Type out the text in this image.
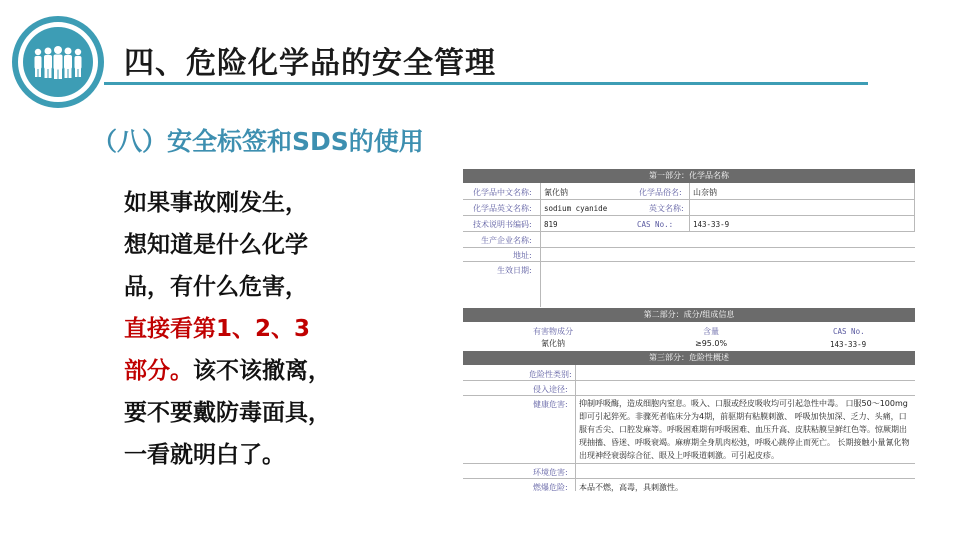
四、危险化学品的安全管理
（八）安全标签和SDS的使用
如果事故刚发生，
想知道是什么化学
品，有什么危害，
直接看第1、2、3
部分。该不该撤离，
要不要戴防毒面具，
一看就明白了。
第一部分：化学品名称
化学品中文名称: 氰化钠	化学品俗名: 山奈钠
化学品英文名称: sodium cyanide	英文名称:
技术说明书编码: 819	CAS No.:	143-33-9
生产企业名称:
地址:
生效日期:
第二部分：成分/组成信息
有害物成分	含量	CAS No.
氰化钠	≥95.0%	143-33-9
第三部分：危险性概述
危险性类别:
侵入途径:
健康危害: 抑制呼吸酶，造成细胞内窒息。吸入、口服或经皮吸收均可引起急性中毒。 口服50～100mg即可引起猝死。非骤死者临床分为4期，前驱期有粘膜刺激、 呼吸加快加深、乏力、头痛，口服有舌尖、口腔发麻等。呼吸困难期有呼吸困难、血压升高、皮肤粘膜呈鲜红色等。惊厥期出现抽搐、昏迷、呼吸衰竭。麻痹期全身肌肉松弛，呼吸心跳停止而死亡。 长期接触小量氰化物出现神经衰弱综合征、眼及上呼吸道刺激。可引起皮疹。
环境危害:
燃爆危险: 本品不燃，高毒，具刺激性。
